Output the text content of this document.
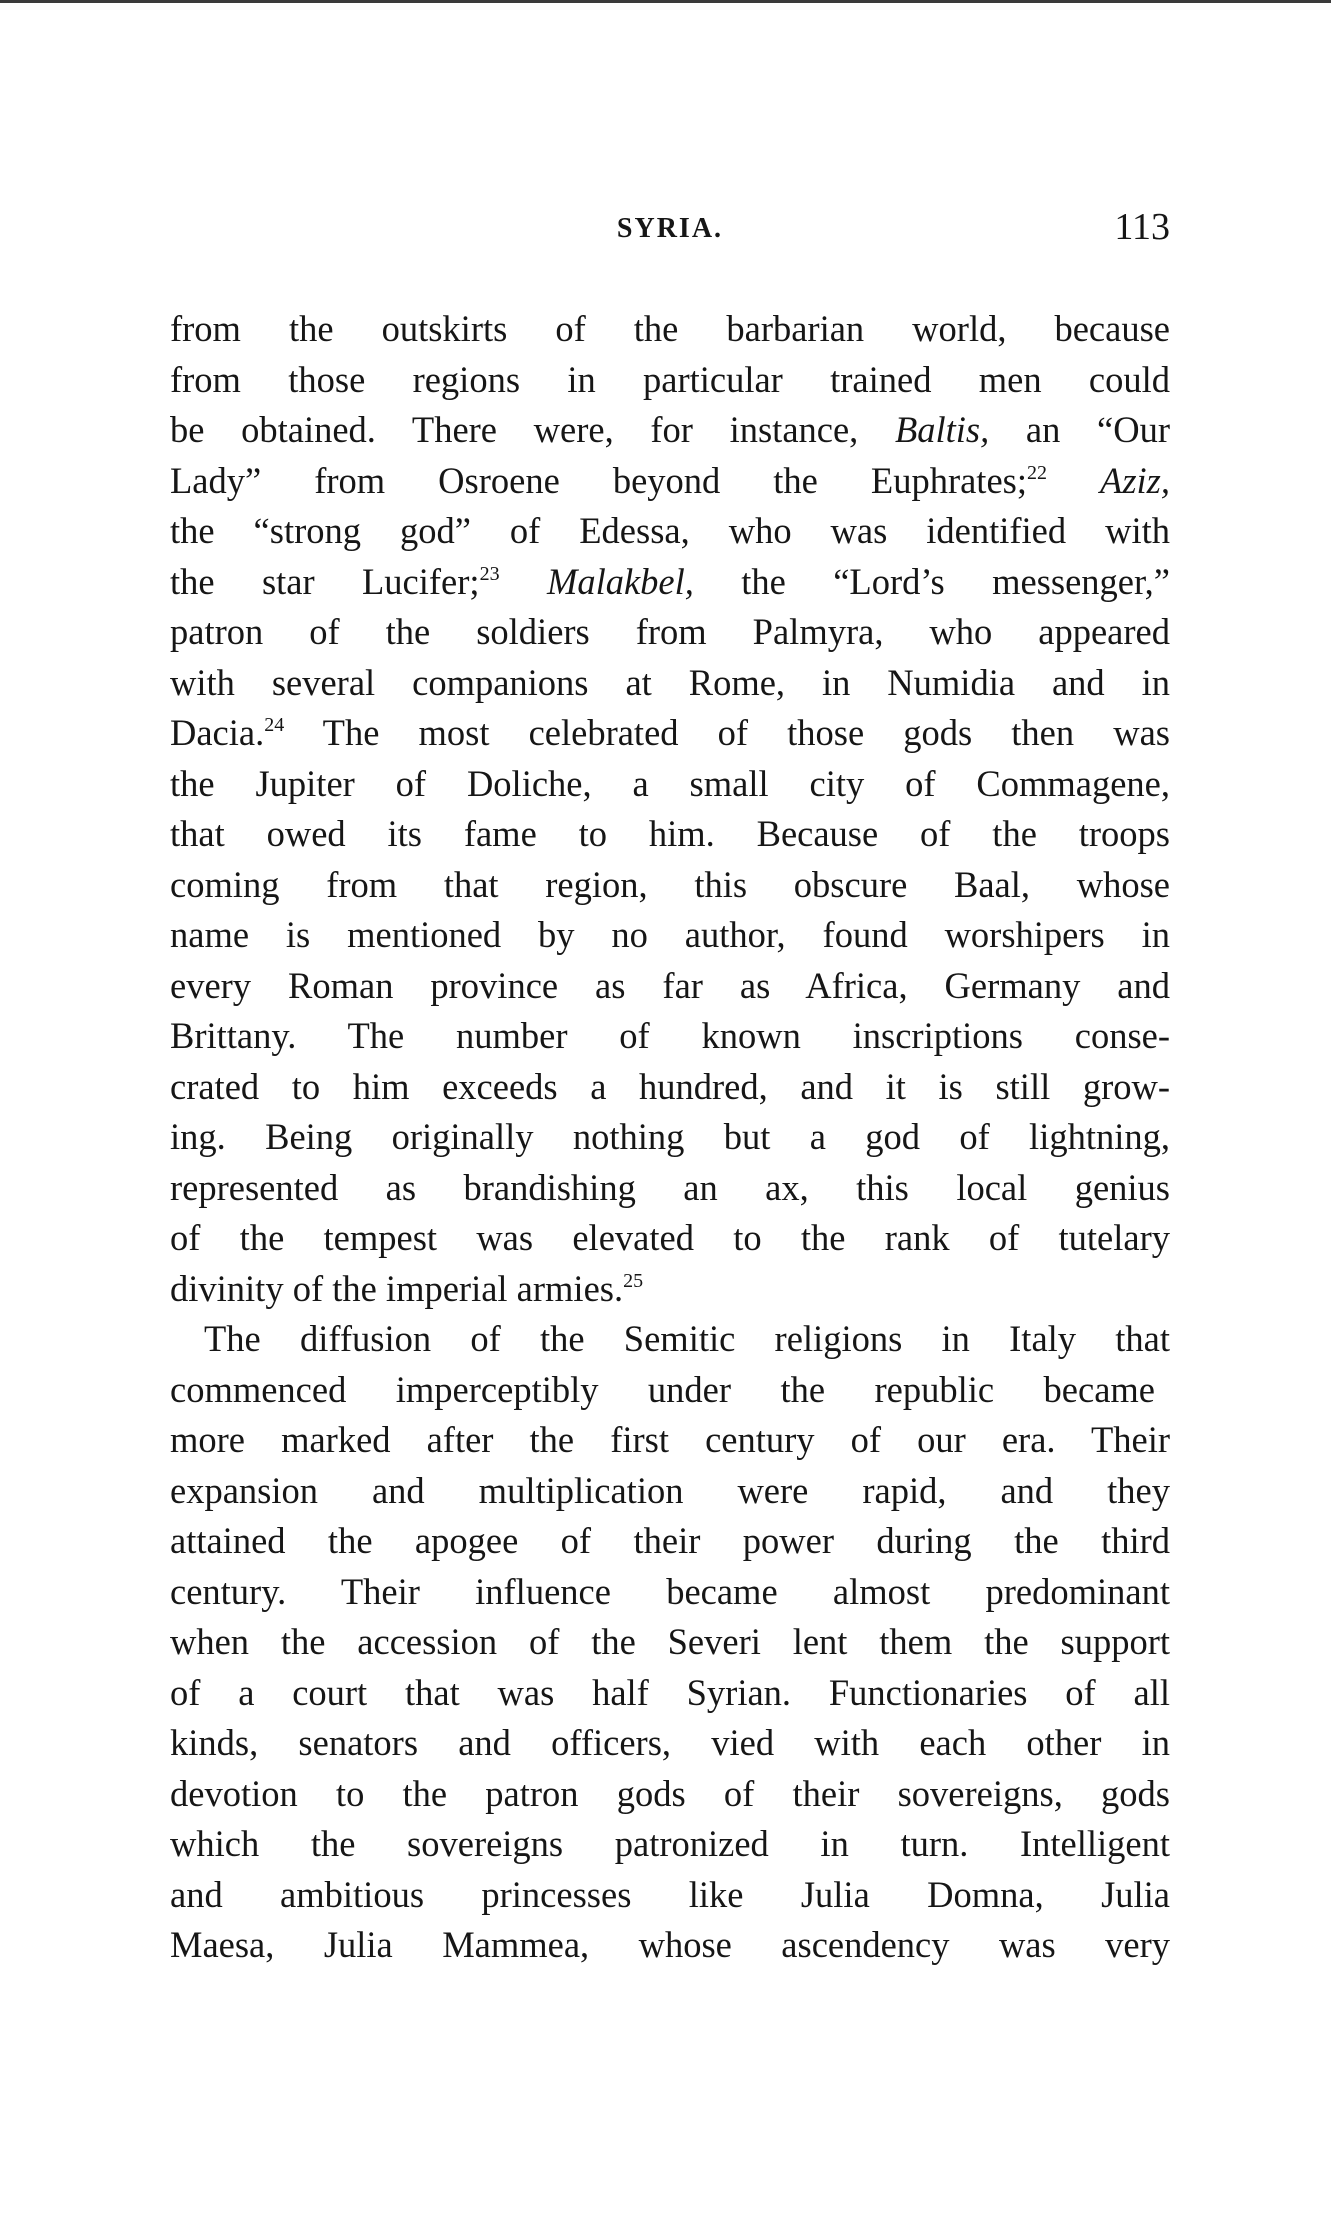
SYRIA.	113
from the outskirts of the barbarian world, because
from those regions in particular trained men could
be obtained. There were, for instance, Baltis, an “Our
Lady” from Osroene beyond the Euphrates;$^{22}$ Aziz,
the “strong god” of Edessa, who was identified with
the star Lucifer;$^{23}$ Malakbel, the “Lord’s messenger,”
patron of the soldiers from Palmyra, who appeared
with several companions at Rome, in Numidia and in
Dacia.$^{24}$ The most celebrated of those gods then was
the Jupiter of Doliche, a small city of Commagene,
that owed its fame to him. Because of the troops
coming from that region, this obscure Baal, whose
name is mentioned by no author, found worshipers in
every Roman province as far as Africa, Germany and
Brittany. The number of known inscriptions conse-
crated to him exceeds a hundred, and it is still grow-
ing. Being originally nothing but a god of lightning,
represented as brandishing an ax, this local genius
of the tempest was elevated to the rank of tutelary
divinity of the imperial armies.$^{25}$
The diffusion of the Semitic religions in Italy that
commenced imperceptibly under the republic became
more marked after the first century of our era. Their
expansion and multiplication were rapid, and they
attained the apogee of their power during the third
century. Their influence became almost predominant
when the accession of the Severi lent them the support
of a court that was half Syrian. Functionaries of all
kinds, senators and officers, vied with each other in
devotion to the patron gods of their sovereigns, gods
which the sovereigns patronized in turn. Intelligent
and ambitious princesses like Julia Domna, Julia
Maesa, Julia Mammea, whose ascendency was very
